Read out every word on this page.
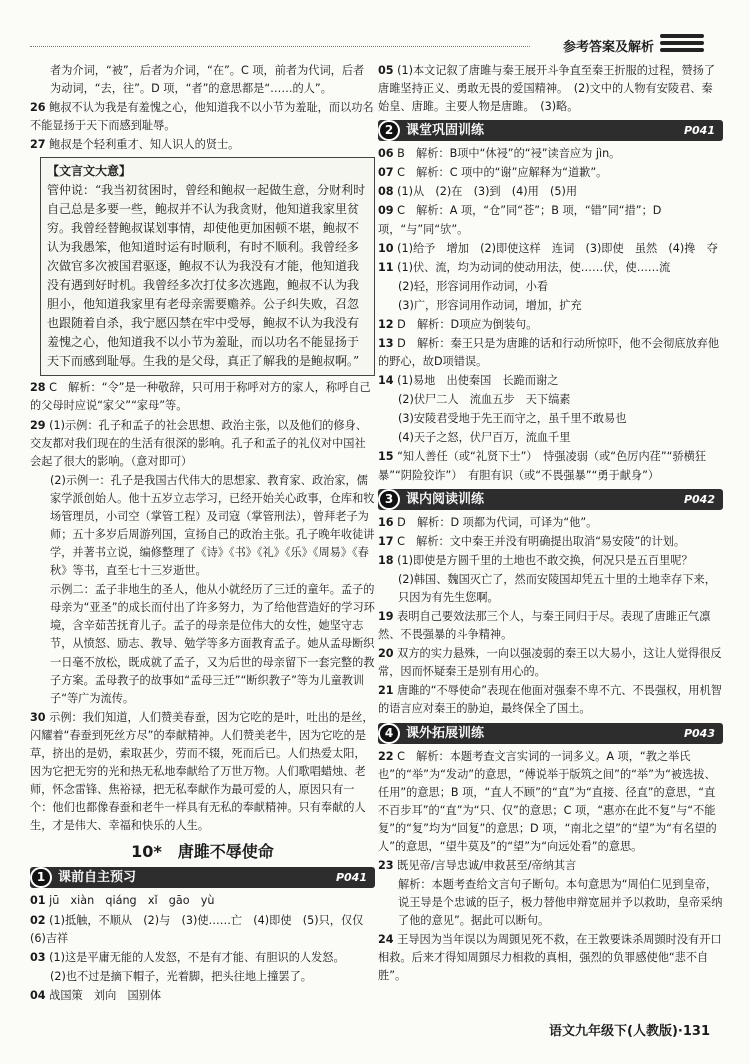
参考答案及解析

者为介词，“被”，后者为介词，“在”。C 项，前者为代词，后者为动词，“去，往”。D 项，“者”的意思都是“……的人”。

26 鲍叔不认为我是有羞愧之心，他知道我不以小节为羞耻，而以功名不能显扬于天下而感到耻辱。

27 鲍叔是个轻利重才、知人识人的贤士。

【文言文大意】
管仲说：“我当初贫困时，曾经和鲍叔一起做生意，分财利时自己总是多要一些，鲍叔并不认为我贪财，他知道我家里贫穷。我曾经替鲍叔谋划事情，却使他更加困顿不堪，鲍叔不认为我愚笨，他知道时运有时顺利，有时不顺利。我曾经多次做官多次被国君驱逐，鲍叔不认为我没有才能，他知道我没有遇到好时机。我曾经多次打仗多次逃跑，鲍叔不认为我胆小，他知道我家里有老母亲需要赡养。公子纠失败，召忽也跟随着自杀，我宁愿囚禁在牢中受辱，鲍叔不认为我没有羞愧之心，他知道我不以小节为羞耻，而以功名不能显扬于天下而感到耻辱。生我的是父母，真正了解我的是鲍叔啊。”

28 C　解析：“令”是一种敬辞，只可用于称呼对方的家人，称呼自己的父母时应说“家父”“家母”等。

29 (1)示例：孔子和孟子的社会思想、政治主张，以及他们的修身、交友都对我们现在的生活有很深的影响。孔子和孟子的礼仪对中国社会起了很大的影响。（意对即可）

(2)示例一：孔子是我国古代伟大的思想家、教育家、政治家，儒家学派创始人。他十五岁立志学习，已经开始关心政事，仓库和牧场管理员，小司空（掌管工程）及司寇（掌管刑法），曾拜老子为师；五十多岁后周游列国，宣扬自己的政治主张。孔子晚年收徒讲学，并著书立说，编修整理了《诗》《书》《礼》《乐》《周易》《春秋》等书，直至七十三岁逝世。

示例二：孟子非地生的圣人，他从小就经历了三迁的童年。孟子的母亲为“亚圣”的成长而付出了许多努力，为了给他营造好的学习环境，含辛茹苦抚育儿子。孟子的母亲是位伟大的女性，她坚守志节，从愤怒、励志、教导、勉学等多方面教育孟子。她从孟母断织一日毫不放松，既成就了孟子，又为后世的母亲留下一套完整的教子方案。孟母教子的故事如“孟母三迁”“断织教子”等为儿童教训子“等广为流传。

30 示例：我们知道，人们赞美春蚕，因为它吃的是叶，吐出的是丝，闪耀着“春蚕到死丝方尽”的奉献精神。人们赞美老牛，因为它吃的是草，挤出的是奶，索取甚少，劳而不辍，死而后已。人们热爱太阳，因为它把无穷的光和热无私地奉献给了万世万物。人们歌唱蜡烛、老师，怀念雷锋、焦裕禄，把无私奉献作为最可爱的人，原因只有一个：他们也都像春蚕和老牛一样具有无私的奉献精神。只有奉献的人生，才是伟大、幸福和快乐的人生。

10*　唐雎不辱使命
1 课前自主预习	P041

01 jū　xiàn　qiáng　xǐ　gāo　yù

02 (1)抵触，不顺从　(2)与　(3)使……亡　(4)即使　(5)只，仅仅　(6)吉祥

03 (1)这是平庸无能的人发怒，不是有才能、有胆识的人发怒。

(2)也不过是摘下帽子，光着脚，把头往地上撞罢了。

04 战国策　刘向　国别体

05 (1)本文记叙了唐雎与秦王展开斗争直至秦王折服的过程，赞扬了唐雎坚持正义、勇敢无畏的爱国精神。　(2)文中的人物有安陵君、秦始皇、唐雎。主要人物是唐雎。　(3)略。

2 课堂巩固训练	P041

06 B　解析：B项中“休祲”的“祲”读音应为 jìn。

07 C　解析：C 项中的“谢”应解释为“道歉”。

08 (1)从　(2)在　(3)到　(4)用　(5)用

09 C　解析：A 项，“仓”同“苍”；B 项，“错”同“措”；D 项，“与”同“欤”。

10 (1)给予　增加　(2)即使这样　连词　(3)即使　虽然　(4)搀　夺

11 (1)伏、流，均为动词的使动用法，使……伏，使……流

(2)轻，形容词用作动词，小看

(3)广，形容词用作动词，增加，扩充

12 D　解析：D项应为倒装句。

13 D　解析：秦王只是为唐雎的话和行动所惊吓，他不会彻底放弃他的野心，故D项错误。

14 (1)易地　出使秦国　长跪而谢之

(2)伏尸二人　流血五步　天下缟素

(3)安陵君受地于先王而守之，虽千里不敢易也

(4)天子之怒，伏尸百万，流血千里

15 “知人善任（或“礼贤下士”）　恃强凌弱（或“色厉内荏”“骄横狂暴”“阴险狡诈”）　有胆有识（或“不畏强暴”“勇于献身”）

3 课内阅读训练	P042

16 D　解析：D 项都为代词，可译为“他”。

17 C　解析：文中秦王并没有明确提出取消“易安陵”的计划。

18 (1)即使是方圆千里的土地也不敢交换，何况只是五百里呢？

(2)韩国、魏国灭亡了，然而安陵国却凭五十里的土地幸存下来，只因为有先生您啊。

19 表明自己要效法那三个人，与秦王同归于尽。表现了唐雎正气凛然、不畏强暴的斗争精神。

20 双方的实力悬殊，一向以强凌弱的秦王以大易小，这让人觉得很反常，因而怀疑秦王是别有用心的。

21 唐雎的“不辱使命”表现在他面对强秦不卑不亢、不畏强权，用机智的语言应对秦王的胁迫，最终保全了国土。

4 课外拓展训练	P043

22 C　解析：本题考查文言实词的一词多义。A 项，“教之举氏也”的“举”为“发动”的意思，“傅说举于版筑之间”的“举”为“被选拔、任用”的意思；B 项，“直人不顾”的“直”为“直接、径直”的意思，“直不百步耳”的“直”为“只、仅”的意思；C 项，“惠亦在此不复”与“不能复”的“复”均为“回复”的意思；D 项，“南北之望”的“望”为“有名望的人”的意思，“望牛莫及”的“望”为“向远处看”的意思。

23 既见帝/言导忠诚/申救甚至/帝纳其言

解析：本题考查给文言句子断句。本句意思为“周伯仁见到皇帝，说王导是个忠诚的臣子，极力替他申辩宽屈并予以救助，皇帝采纳了他的意见”。据此可以断句。

24 王导因为当年误以为周顗见死不救，在王敦要诛杀周顗时没有开口相救。后来才得知周顗尽力相救的真相，强烈的负罪感使他“悲不自胜”。

语文九年级下(人教版)·131
